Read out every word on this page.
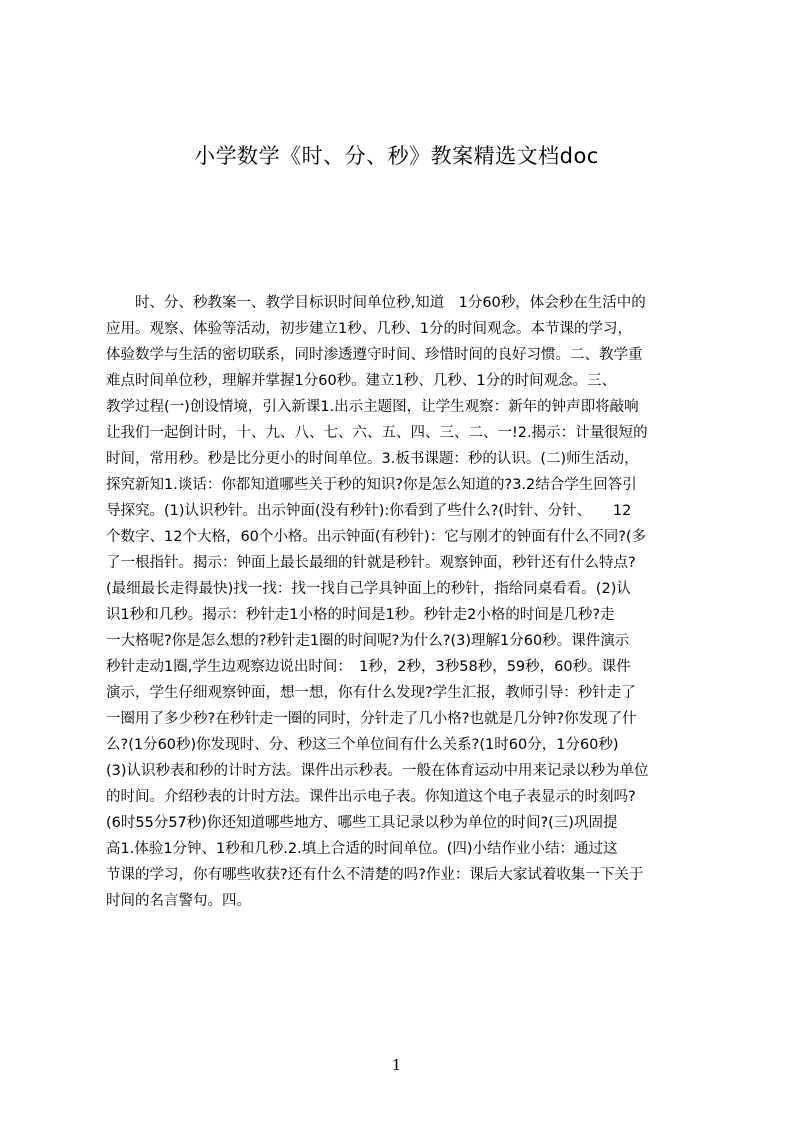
小学数学《时、分、秒》教案精选文档doc
　　时、分、秒教案一、教学目标识时间单位秒,知道　1分60秒，体会秒在生活中的
应用。观察、体验等活动，初步建立1秒、几秒、1分的时间观念。本节课的学习，
体验数学与生活的密切联系，同时渗透遵守时间、珍惜时间的良好习惯。二、教学重
难点时间单位秒，理解并掌握1分60秒。建立1秒、几秒、1分的时间观念。三、
教学过程(一)创设情境，引入新课1.出示主题图，让学生观察：新年的钟声即将敲响
让我们一起倒计时，十、九、八、七、六、五、四、三、二、一!2.揭示：计量很短的
时间，常用秒。秒是比分更小的时间单位。3.板书课题：秒的认识。(二)师生活动，
探究新知1.谈话：你都知道哪些关于秒的知识?你是怎么知道的?3.2结合学生回答引
导探究。(1)认识秒针。出示钟面(没有秒针):你看到了些什么?(时针、分针、　　12
个数字、12个大格，60个小格。出示钟面(有秒针)：它与刚才的钟面有什么不同?(多
了一根指针。揭示：钟面上最长最细的针就是秒针。观察钟面，秒针还有什么特点?
(最细最长走得最快)找一找：找一找自己学具钟面上的秒针，指给同桌看看。(2)认
识1秒和几秒。揭示：秒针走1小格的时间是1秒。秒针走2小格的时间是几秒?走
一大格呢?你是怎么想的?秒针走1圈的时间呢?为什么?(3)理解1分60秒。课件演示
秒针走动1圈,学生边观察边说出时间：　1秒，2秒，3秒58秒，59秒，60秒。课件
演示，学生仔细观察钟面，想一想，你有什么发现?学生汇报，教师引导：秒针走了
一圈用了多少秒?在秒针走一圈的同时，分针走了几小格?也就是几分钟?你发现了什
么?(1分60秒)你发现时、分、秒这三个单位间有什么关系?(1时60分，1分60秒)
(3)认识秒表和秒的计时方法。课件出示秒表。一般在体育运动中用来记录以秒为单位
的时间。介绍秒表的计时方法。课件出示电子表。你知道这个电子表显示的时刻吗?
(6时55分57秒)你还知道哪些地方、哪些工具记录以秒为单位的时间?(三)巩固提
高1.体验1分钟、1秒和几秒.2.填上合适的时间单位。(四)小结作业小结：通过这
节课的学习，你有哪些收获?还有什么不清楚的吗?作业：课后大家试着收集一下关于
时间的名言警句。四。
1
